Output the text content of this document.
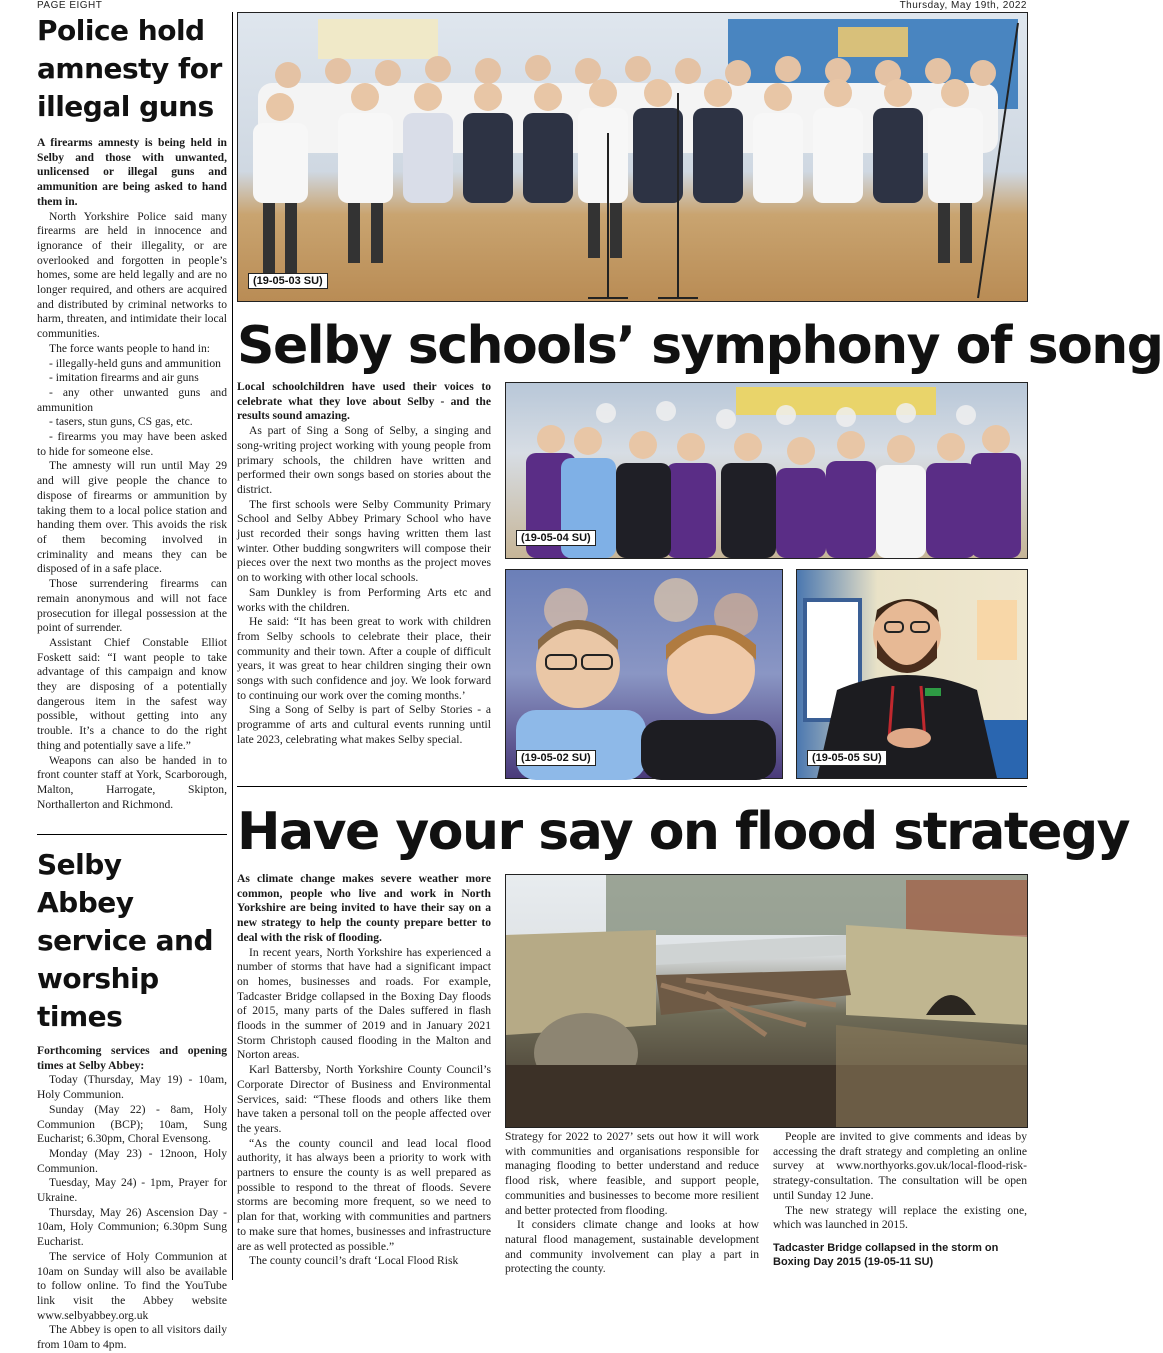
PAGE EIGHT	Thursday, May 19th, 2022
Police hold amnesty for illegal guns

A firearms amnesty is being held in Selby and those with unwanted, unlicensed or illegal guns and ammunition are being asked to hand them in.

North Yorkshire Police said many firearms are held in innocence and ignorance of their illegality, or are overlooked and forgotten in people’s homes, some are held legally and are no longer required, and others are acquired and distributed by criminal networks to harm, threaten, and intimidate their local communities.

The force wants people to hand in:

- illegally-held guns and ammunition

- imitation firearms and air guns

- any other unwanted guns and ammunition

- tasers, stun guns, CS gas, etc.

- firearms you may have been asked to hide for someone else.

The amnesty will run until May 29 and will give people the chance to dispose of firearms or ammunition by taking them to a local police station and handing them over. This avoids the risk of them becoming involved in criminality and means they can be disposed of in a safe place.

Those surrendering firearms can remain anonymous and will not face prosecution for illegal possession at the point of surrender.

Assistant Chief Constable Elliot Foskett said: “I want people to take advantage of this campaign and know they are disposing of a potentially dangerous item in the safest way possible, without getting into any trouble. It’s a chance to do the right thing and potentially save a life.”

Weapons can also be handed in to front counter staff at York, Scarborough, Malton, Harrogate, Skipton, Northallerton and Richmond.

Selby Abbey service and worship times

Forthcoming services and opening times at Selby Abbey:

Today (Thursday, May 19) - 10am, Holy Communion.

Sunday (May 22) - 8am, Holy Communion (BCP); 10am, Sung Eucharist; 6.30pm, Choral Evensong.

Monday (May 23) - 12noon, Holy Communion.

Tuesday, May 24) - 1pm, Prayer for Ukraine.

Thursday, May 26) Ascension Day - 10am, Holy Communion; 6.30pm Sung Eucharist.

The service of Holy Communion at 10am on Sunday will also be available to follow online. To find the YouTube link visit the Abbey website www.selbyabbey.org.uk

The Abbey is open to all visitors daily from 10am to 4pm.

(19-05-03 SU)
Selby schools’ symphony of song

Local schoolchildren have used their voices to celebrate what they love about Selby - and the results sound amazing.

As part of Sing a Song of Selby, a singing and song-writing project working with young people from primary schools, the children have written and performed their own songs based on stories about the district.

The first schools were Selby Community Primary School and Selby Abbey Primary School who have just recorded their songs having written them last winter. Other budding songwriters will compose their pieces over the next two months as the project moves on to working with other local schools.

Sam Dunkley is from Performing Arts etc and works with the children.

He said: “It has been great to work with children from Selby schools to celebrate their place, their community and their town. After a couple of difficult years, it was great to hear children singing their own songs with such confidence and joy. We look forward to continuing our work over the coming months.’

Sing a Song of Selby is part of Selby Stories - a programme of arts and cultural events running until late 2023, celebrating what makes Selby special.

(19-05-04 SU)
(19-05-02 SU)	(19-05-05 SU)
Have your say on flood strategy

As climate change makes severe weather more common, people who live and work in North Yorkshire are being invited to have their say on a new strategy to help the county prepare better to deal with the risk of flooding.

In recent years, North Yorkshire has experienced a number of storms that have had a significant impact on homes, businesses and roads. For example, Tadcaster Bridge collapsed in the Boxing Day floods of 2015, many parts of the Dales suffered in flash floods in the summer of 2019 and in January 2021 Storm Christoph caused flooding in the Malton and Norton areas.

Karl Battersby, North Yorkshire County Council’s Corporate Director of Business and Environmental Services, said: “These floods and others like them have taken a personal toll on the people affected over the years.

“As the county council and lead local flood authority, it has always been a priority to work with partners to ensure the county is as well prepared as possible to respond to the threat of floods. Severe storms are becoming more frequent, so we need to plan for that, working with communities and partners to make sure that homes, businesses and infrastructure are as well protected as possible.”

The county council’s draft ‘Local Flood Risk

Strategy for 2022 to 2027’ sets out how it will work with communities and organisations responsible for managing flooding to better understand and reduce flood risk, where feasible, and support people, communities and businesses to become more resilient and better protected from flooding.

It considers climate change and looks at how natural flood management, sustainable development and community involvement can play a part in protecting the county.

People are invited to give comments and ideas by accessing the draft strategy and completing an online survey at www.northyorks.gov.uk/local-flood-risk-strategy-consultation. The consultation will be open until Sunday 12 June.

The new strategy will replace the existing one, which was launched in 2015.

Tadcaster Bridge collapsed in the storm on Boxing Day 2015 (19-05-11 SU)
